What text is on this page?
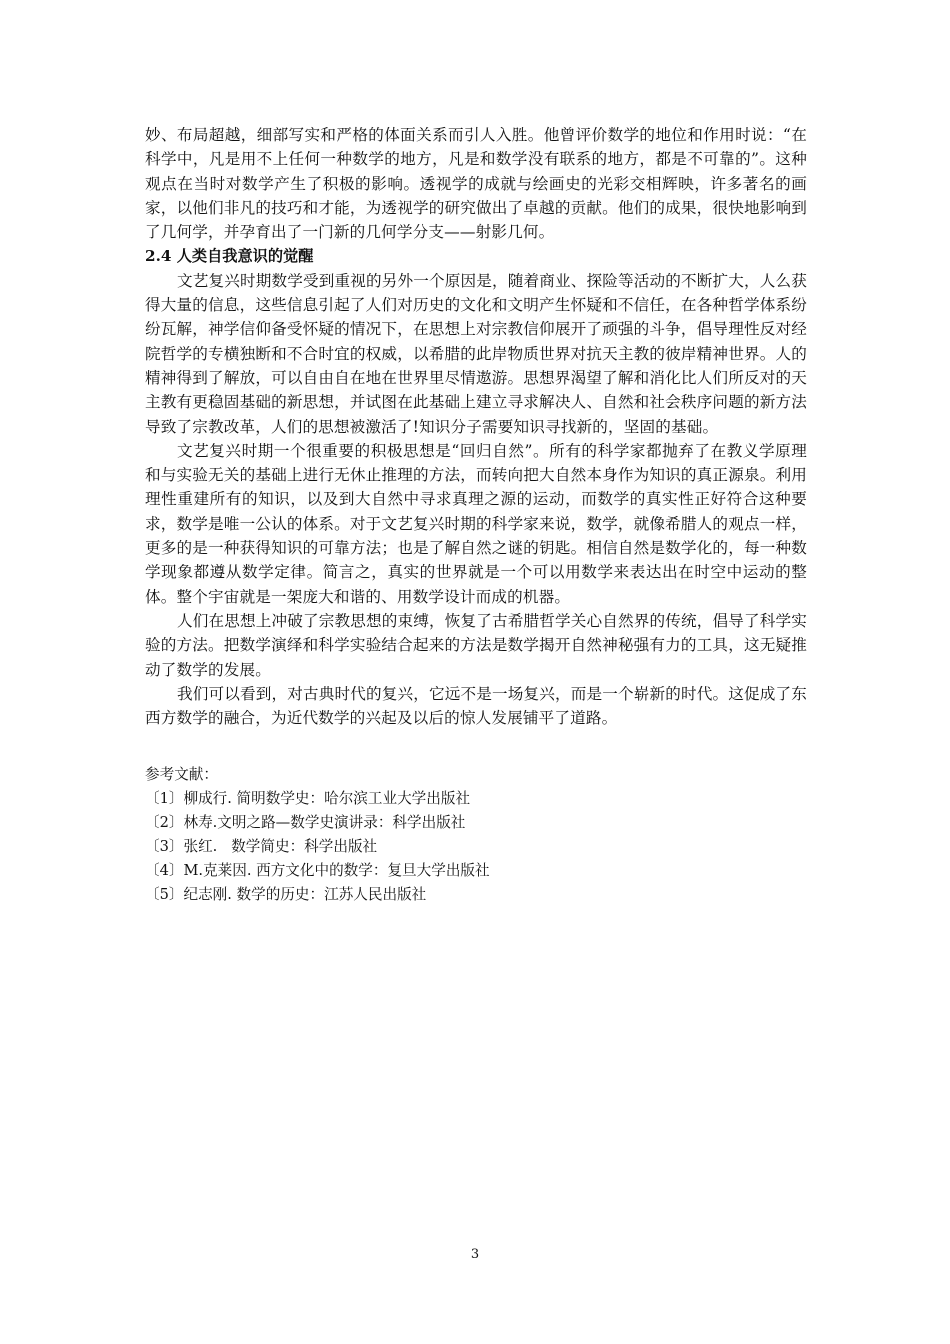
妙、布局超越，细部写实和严格的体面关系而引人入胜。他曾评价数学的地位和作用时说：“在科学中，凡是用不上任何一种数学的地方，凡是和数学没有联系的地方，都是不可靠的”。这种观点在当时对数学产生了积极的影响。透视学的成就与绘画史的光彩交相辉映，许多著名的画家，以他们非凡的技巧和才能，为透视学的研究做出了卓越的贡献。他们的成果，很快地影响到了几何学，并孕育出了一门新的几何学分支——射影几何。

2.4 人类自我意识的觉醒

文艺复兴时期数学受到重视的另外一个原因是，随着商业、探险等活动的不断扩大，人么获得大量的信息，这些信息引起了人们对历史的文化和文明产生怀疑和不信任，在各种哲学体系纷纷瓦解，神学信仰备受怀疑的情况下，在思想上对宗教信仰展开了顽强的斗争，倡导理性反对经院哲学的专横独断和不合时宜的权威，以希腊的此岸物质世界对抗天主教的彼岸精神世界。人的精神得到了解放，可以自由自在地在世界里尽情遨游。思想界渴望了解和消化比人们所反对的天主教有更稳固基础的新思想，并试图在此基础上建立寻求解决人、自然和社会秩序问题的新方法导致了宗教改革，人们的思想被激活了!知识分子需要知识寻找新的，坚固的基础。

文艺复兴时期一个很重要的积极思想是“回归自然”。所有的科学家都抛弃了在教义学原理和与实验无关的基础上进行无休止推理的方法，而转向把大自然本身作为知识的真正源泉。利用理性重建所有的知识，以及到大自然中寻求真理之源的运动，而数学的真实性正好符合这种要求，数学是唯一公认的体系。对于文艺复兴时期的科学家来说，数学，就像希腊人的观点一样，更多的是一种获得知识的可靠方法；也是了解自然之谜的钥匙。相信自然是数学化的，每一种数学现象都遵从数学定律。简言之，真实的世界就是一个可以用数学来表达出在时空中运动的整体。整个宇宙就是一架庞大和谐的、用数学设计而成的机器。

人们在思想上冲破了宗教思想的束缚，恢复了古希腊哲学关心自然界的传统，倡导了科学实验的方法。把数学演绎和科学实验结合起来的方法是数学揭开自然神秘强有力的工具，这无疑推动了数学的发展。

我们可以看到，对古典时代的复兴，它远不是一场复兴，而是一个崭新的时代。这促成了东西方数学的融合，为近代数学的兴起及以后的惊人发展铺平了道路。

参考文献：

〔1〕柳成行. 简明数学史：哈尔滨工业大学出版社
〔2〕林寿.文明之路—数学史演讲录：科学出版社
〔3〕张红.   数学简史：科学出版社
〔4〕M.克莱因. 西方文化中的数学：复旦大学出版社
〔5〕纪志刚. 数学的历史：江苏人民出版社
3
